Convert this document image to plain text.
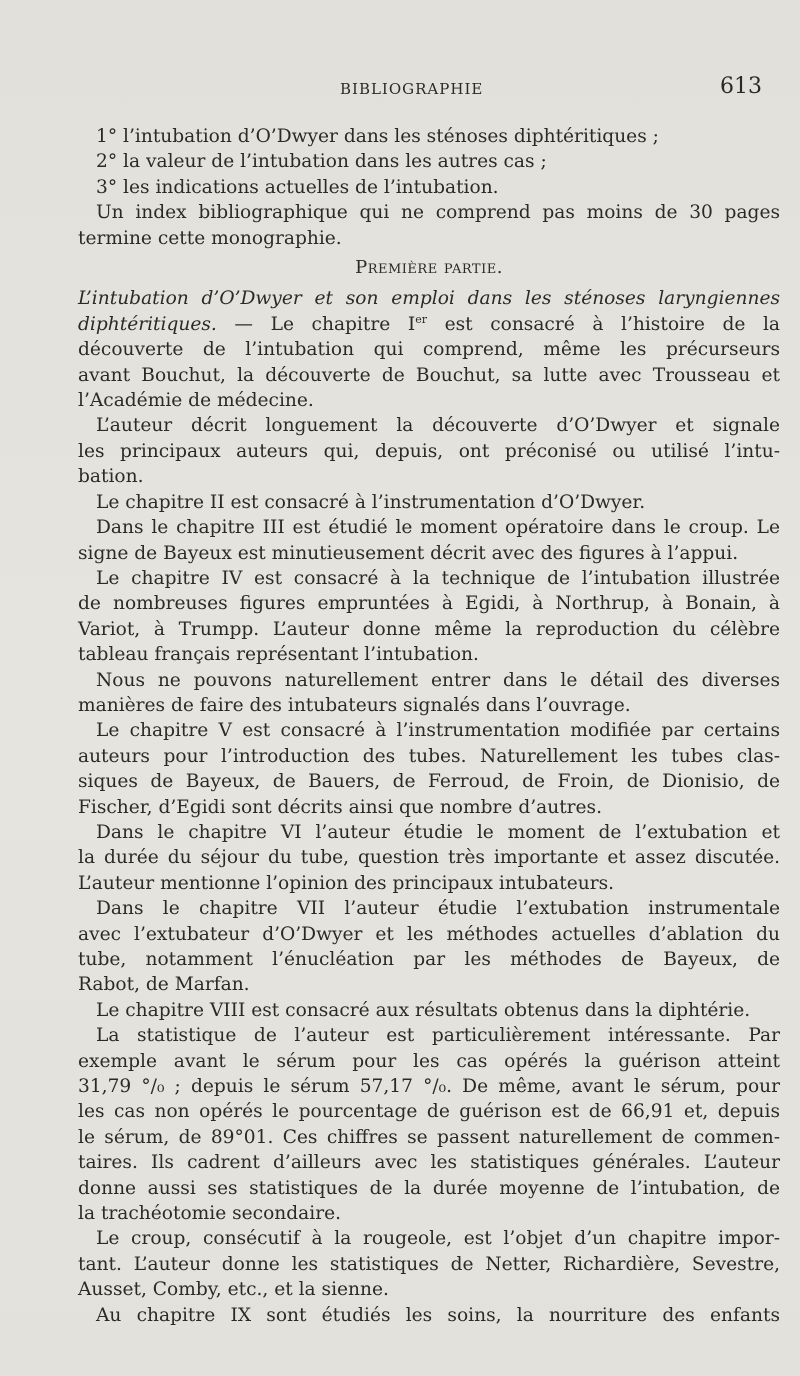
BIBLIOGRAPHIE	613
1° l’intubation d’O’Dwyer dans les sténoses diphtéritiques ;
2° la valeur de l’intubation dans les autres cas ;
3° les indications actuelles de l’intubation.
Un index bibliographique qui ne comprend pas moins de 30 pages
termine cette monographie.
Première partie.
L’intubation d’O’Dwyer et son emploi dans les sténoses laryngiennes
diphtéritiques. — Le chapitre Ier est consacré à l’histoire de la
découverte de l’intubation qui comprend, même les précurseurs
avant Bouchut, la découverte de Bouchut, sa lutte avec Trousseau et
l’Académie de médecine.
L’auteur décrit longuement la découverte d’O’Dwyer et signale
les principaux auteurs qui, depuis, ont préconisé ou utilisé l’intu-
bation.
Le chapitre II est consacré à l’instrumentation d’O’Dwyer.
Dans le chapitre III est étudié le moment opératoire dans le croup. Le
signe de Bayeux est minutieusement décrit avec des figures à l’appui.
Le chapitre IV est consacré à la technique de l’intubation illustrée
de nombreuses figures empruntées à Egidi, à Northrup, à Bonain, à
Variot, à Trumpp. L’auteur donne même la reproduction du célèbre
tableau français représentant l’intubation.
Nous ne pouvons naturellement entrer dans le détail des diverses
manières de faire des intubateurs signalés dans l’ouvrage.
Le chapitre V est consacré à l’instrumentation modifiée par certains
auteurs pour l’introduction des tubes. Naturellement les tubes clas-
siques de Bayeux, de Bauers, de Ferroud, de Froin, de Dionisio, de
Fischer, d’Egidi sont décrits ainsi que nombre d’autres.
Dans le chapitre VI l’auteur étudie le moment de l’extubation et
la durée du séjour du tube, question très importante et assez discutée.
L’auteur mentionne l’opinion des principaux intubateurs.
Dans le chapitre VII l’auteur étudie l’extubation instrumentale
avec l’extubateur d’O’Dwyer et les méthodes actuelles d’ablation du
tube, notamment l’énucléation par les méthodes de Bayeux, de
Rabot, de Marfan.
Le chapitre VIII est consacré aux résultats obtenus dans la diphtérie.
La statistique de l’auteur est particulièrement intéressante. Par
exemple avant le sérum pour les cas opérés la guérison atteint
31,79 °/₀ ; depuis le sérum 57,17 °/₀. De même, avant le sérum, pour
les cas non opérés le pourcentage de guérison est de 66,91 et, depuis
le sérum, de 89°01. Ces chiffres se passent naturellement de commen-
taires. Ils cadrent d’ailleurs avec les statistiques générales. L’auteur
donne aussi ses statistiques de la durée moyenne de l’intubation, de
la trachéotomie secondaire.
Le croup, consécutif à la rougeole, est l’objet d’un chapitre impor-
tant. L’auteur donne les statistiques de Netter, Richardière, Sevestre,
Ausset, Comby, etc., et la sienne.
Au chapitre IX sont étudiés les soins, la nourriture des enfants
